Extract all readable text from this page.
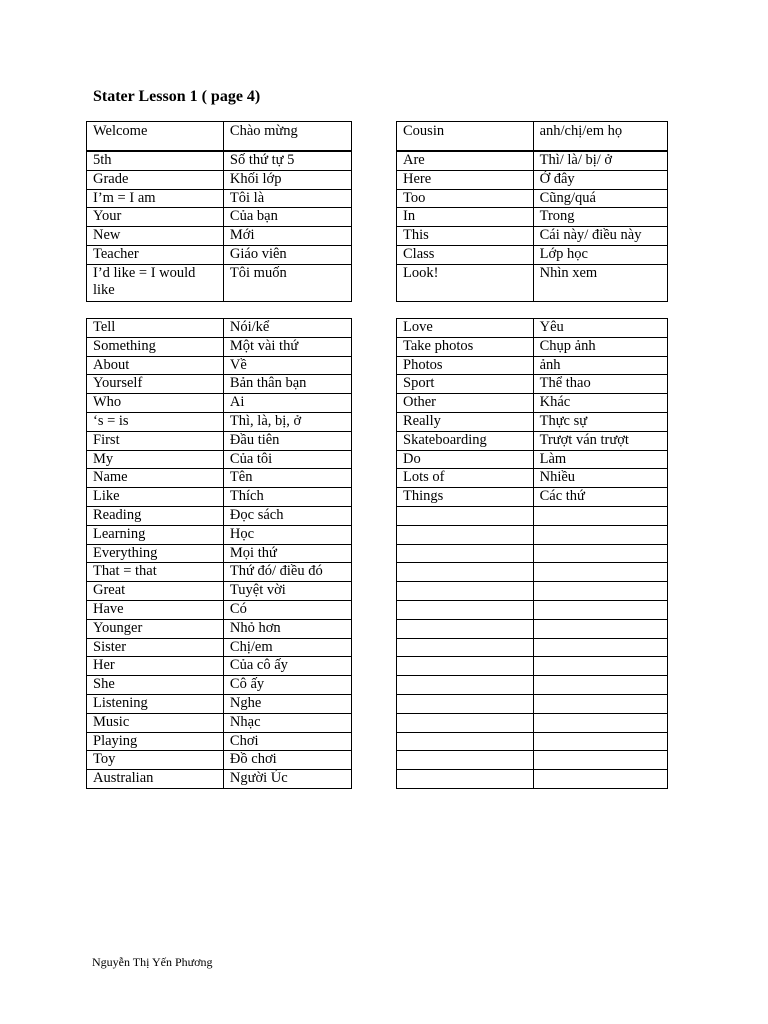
Stater Lesson 1 ( page 4)
Welcome	Chào mừng
5th	Số thứ tự 5
Grade	Khối lớp
I’m = I am	Tôi là
Your	Của bạn
New	Mới
Teacher	Giáo viên
I’d like = I would like	Tôi muốn
Cousin	anh/chị/em họ
Are	Thì/ là/ bị/ ở
Here	Ở đây
Too	Cũng/quá
In	Trong
This	Cái này/ điều này
Class	Lớp học
Look!	Nhìn xem
Tell	Nói/kể
Something	Một vài thứ
About	Về
Yourself	Bản thân bạn
Who	Ai
‘s = is	Thì, là, bị, ở
First	Đầu tiên
My	Của tôi
Name	Tên
Like	Thích
Reading	Đọc sách
Learning	Học
Everything	Mọi thứ
That = that	Thứ đó/ điều đó
Great	Tuyệt vời
Have	Có
Younger	Nhỏ hơn
Sister	Chị/em
Her	Của cô ấy
She	Cô ấy
Listening	Nghe
Music	Nhạc
Playing	Chơi
Toy	Đồ chơi
Australian	Người Úc
Love	Yêu
Take photos	Chụp ảnh
Photos	ảnh
Sport	Thể thao
Other	Khác
Really	Thực sự
Skateboarding	Trượt ván trượt
Do	Làm
Lots of	Nhiều
Things	Các thứ

Nguyễn Thị Yến Phương
